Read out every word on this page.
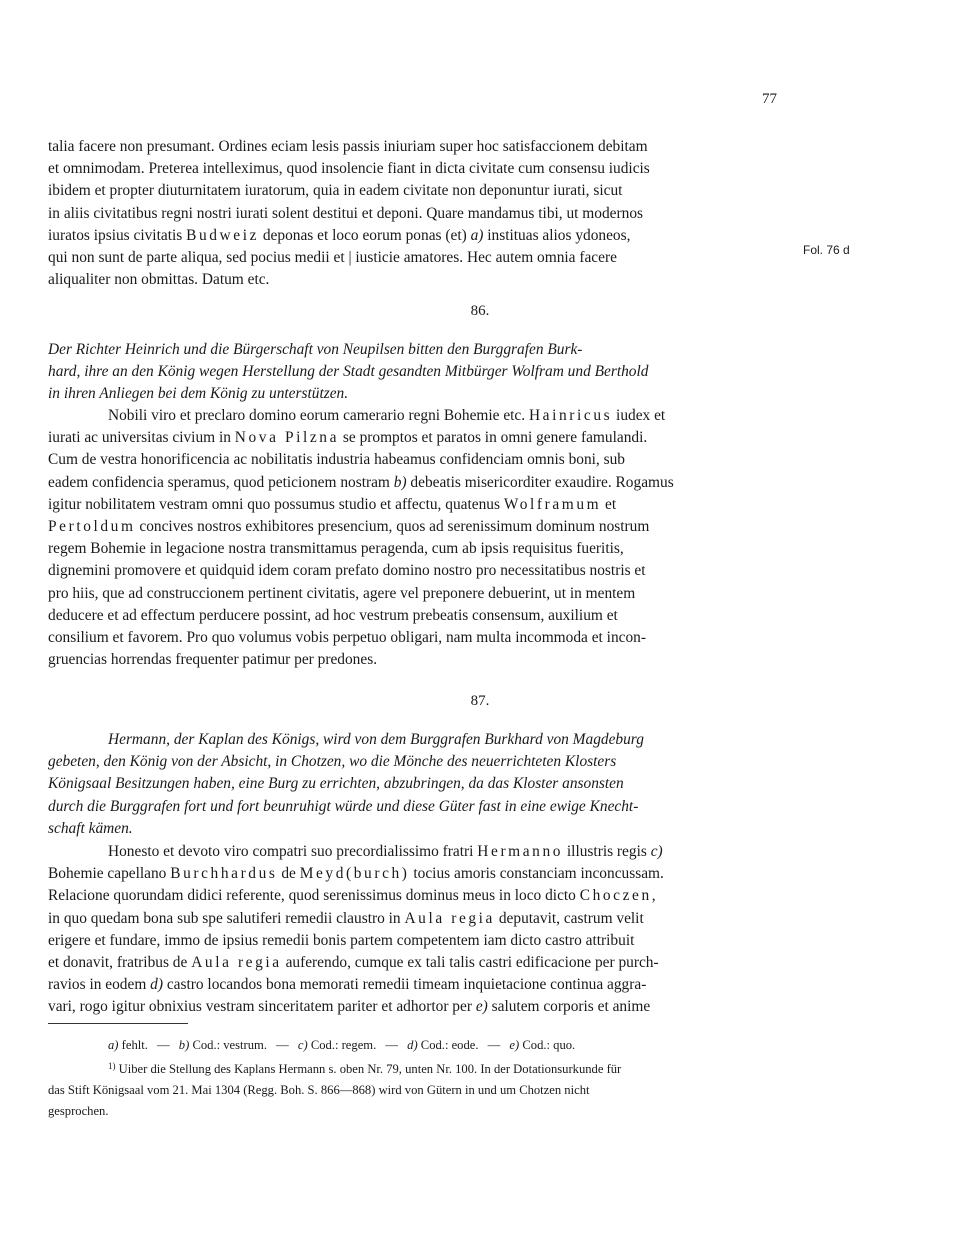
77

talia facere non presumant. Ordines eciam lesis passis iniuriam super hoc satisfaccionem debitam

et omnimodam. Preterea intelleximus, quod insolencie fiant in dicta civitate cum consensu iudicis

ibidem et propter diuturnitatem iuratorum, quia in eadem civitate non deponuntur iurati, sicut

in aliis civitatibus regni nostri iurati solent destitui et deponi. Quare mandamus tibi, ut modernos

iuratos ipsius civitatis Budweiz deponas et loco eorum ponas (et) a) instituas alios ydoneos,

qui non sunt de parte aliqua, sed pocius medii et | iusticie amatores. Hec autem omnia facere

aliqualiter non obmittas. Datum etc.

Fol. 76 d
86.

Der Richter Heinrich und die Bürgerschaft von Neupilsen bitten den Burggrafen Burk-

hard, ihre an den König wegen Herstellung der Stadt gesandten Mitbürger Wolfram und Berthold

in ihren Anliegen bei dem König zu unterstützen.

Nobili viro et preclaro domino eorum camerario regni Bohemie etc. Hainricus iudex et

iurati ac universitas civium in Nova Pilzna se promptos et paratos in omni genere famulandi.

Cum de vestra honorificencia ac nobilitatis industria habeamus confidenciam omnis boni, sub

eadem confidencia speramus, quod peticionem nostram b) debeatis misericorditer exaudire. Rogamus

igitur nobilitatem vestram omni quo possumus studio et affectu, quatenus Wolframum et

Pertoldum concives nostros exhibitores presencium, quos ad serenissimum dominum nostrum

regem Bohemie in legacione nostra transmittamus peragenda, cum ab ipsis requisitus fueritis,

dignemini promovere et quidquid idem coram prefato domino nostro pro necessitatibus nostris et

pro hiis, que ad construccionem pertinent civitatis, agere vel preponere debuerint, ut in mentem

deducere et ad effectum perducere possint, ad hoc vestrum prebeatis consensum, auxilium et

consilium et favorem. Pro quo volumus vobis perpetuo obligari, nam multa incommoda et incon-

gruencias horrendas frequenter patimur per predones.

87.

Hermann, der Kaplan des Königs, wird von dem Burggrafen Burkhard von Magdeburg

gebeten, den König von der Absicht, in Chotzen, wo die Mönche des neuerrichteten Klosters

Königsaal Besitzungen haben, eine Burg zu errichten, abzubringen, da das Kloster ansonsten

durch die Burggrafen fort und fort beunruhigt würde und diese Güter fast in eine ewige Knecht-

schaft kämen.

Honesto et devoto viro compatri suo precordialissimo fratri Hermanno illustris regis c)

Bohemie capellano Burchhardus de Meyd(burch) tocius amoris constanciam inconcussam.

Relacione quorundam didici referente, quod serenissimus dominus meus in loco dicto Choczen,

in quo quedam bona sub spe salutiferi remedii claustro in Aula regia deputavit, castrum velit

erigere et fundare, immo de ipsius remedii bonis partem competentem iam dicto castro attribuit

et donavit, fratribus de Aula regia auferendo, cumque ex tali talis castri edificacione per purch-

ravios in eodem d) castro locandos bona memorati remedii timeam inquietacione continua aggra-

vari, rogo igitur obnixius vestram sinceritatem pariter et adhortor per e) salutem corporis et anime

a) fehlt. — b) Cod.: vestrum. — c) Cod.: regem. — d) Cod.: eode. — e) Cod.: quo.

$^{1)}$ Uiber die Stellung des Kaplans Hermann s. oben Nr. 79, unten Nr. 100. In der Dotationsurkunde für

das Stift Königsaal vom 21. Mai 1304 (Regg. Boh. S. 866—868) wird von Gütern in und um Chotzen nicht

gesprochen.
